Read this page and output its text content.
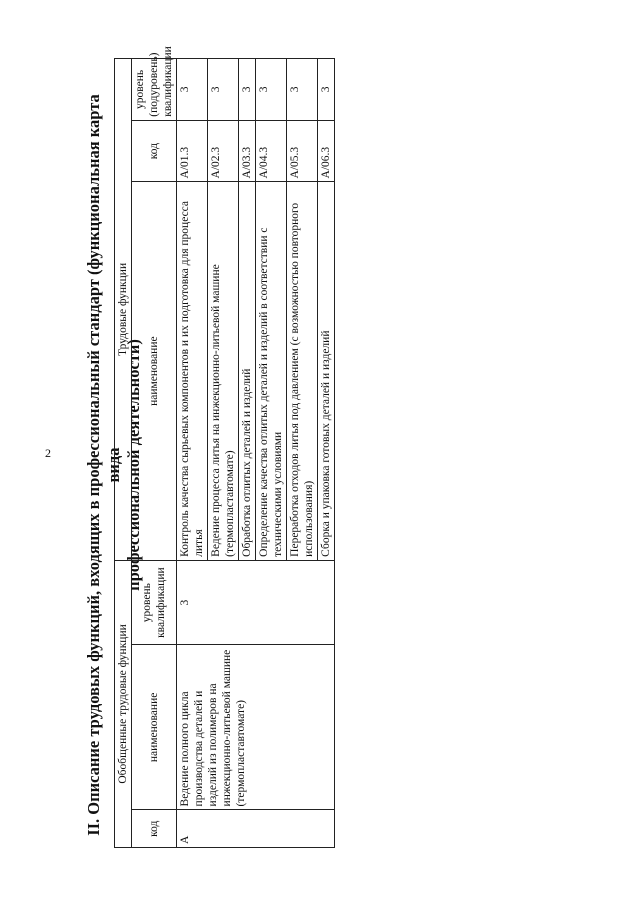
2 II. Описание трудовых функций, входящих в профессиональный стандарт (функциональная карта вида профессиональной деятельности)
Обобщенные трудовые функции			Трудовые функции		
код	наименование	уровень квалификации	наименование	код	уровень (подуровень) квалификации
А	Ведение полного цикла производства деталей и изделий из полимеров на инжекционно-литьевой машине (термопластавтомате)	3	Контроль качества сырьевых компонентов и их подготовка для процесса литья	А/01.3	3
			Ведение процесса литья на инжекционно-литьевой машине (термопластавтомате)	А/02.3	3
			Обработка отлитых деталей и изделий	А/03.3	3
			Определение качества отлитых деталей и изделий в соответствии с техническими условиями	А/04.3	3
			Переработка отходов литья под давлением (с возможностью повторного использования)	А/05.3	3
			Сборка и упаковка готовых деталей и изделий	А/06.3	3
